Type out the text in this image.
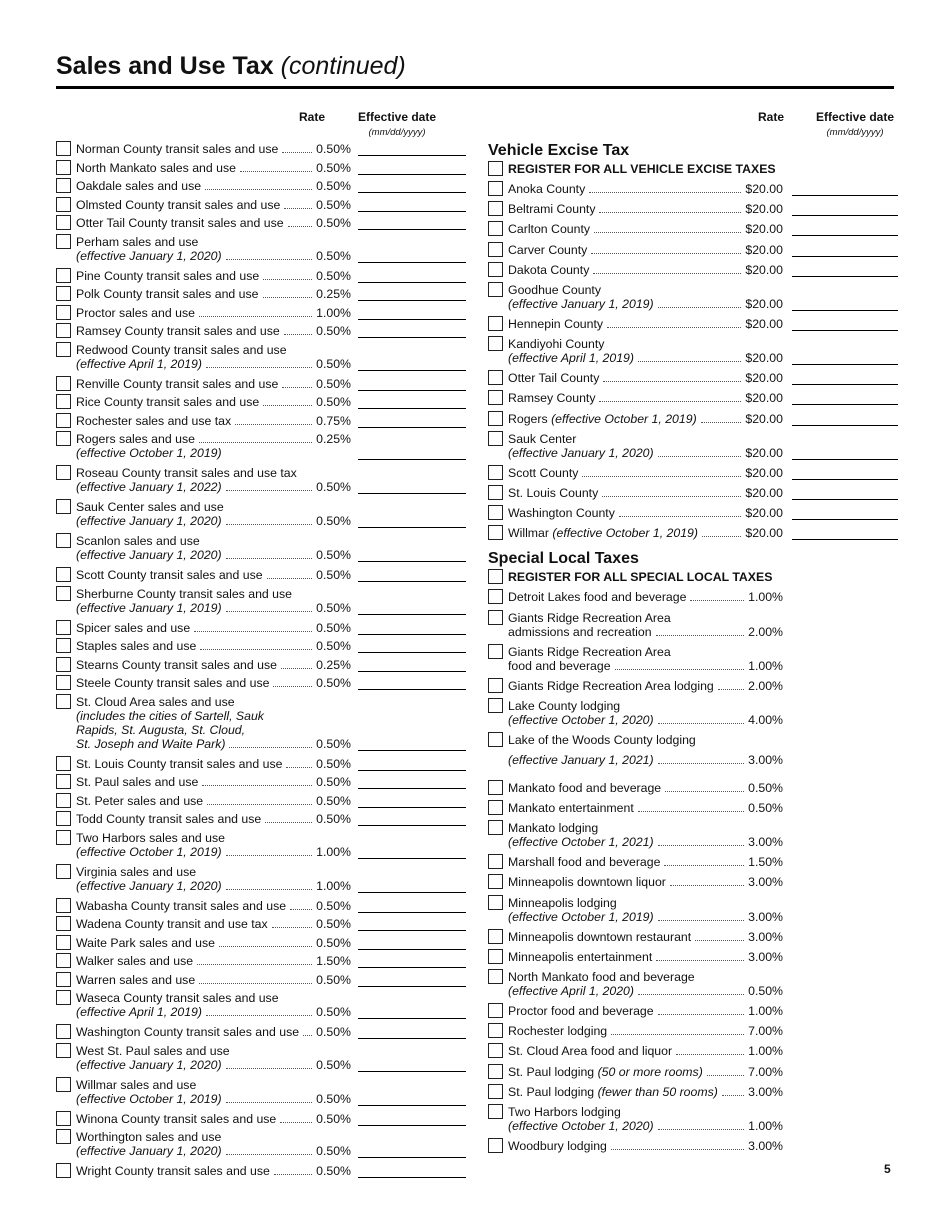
Sales and Use Tax (continued)
Rate	Effective date
(mm/dd/yyyy)
Norman County transit sales and use	0.50%
North Mankato sales and use	0.50%
Oakdale sales and use	0.50%
Olmsted County transit sales and use	0.50%
Otter Tail County transit sales and use	0.50%
Perham sales and use
(effective January 1, 2020)	0.50%
Pine County transit sales and use	0.50%
Polk County transit sales and use	0.25%
Proctor sales and use	1.00%
Ramsey County transit sales and use	0.50%
Redwood County transit sales and use
(effective April 1, 2019)	0.50%
Renville County transit sales and use	0.50%
Rice County transit sales and use	0.50%
Rochester sales and use tax	0.75%
Rogers sales and use
(effective October 1, 2019)
0.25%
Roseau County transit sales and use tax
(effective January 1, 2022)	0.50%
Sauk Center sales and use
(effective January 1, 2020)	0.50%
Scanlon sales and use
(effective January 1, 2020)	0.50%
Scott County transit sales and use	0.50%
Sherburne County transit sales and use
(effective January 1, 2019)	0.50%
Spicer sales and use	0.50%
Staples sales and use	0.50%
Stearns County transit sales and use	0.25%
Steele County transit sales and use	0.50%
St. Cloud Area sales and use
(includes the cities of Sartell, Sauk
Rapids, St. Augusta, St. Cloud,
St. Joseph and Waite Park)	0.50%
St. Louis County transit sales and use	0.50%
St. Paul sales and use	0.50%
St. Peter sales and use	0.50%
Todd County transit sales and use	0.50%
Two Harbors sales and use
(effective October 1, 2019)	1.00%
Virginia sales and use
(effective January 1, 2020)	1.00%
Wabasha County transit sales and use	0.50%
Wadena County transit and use tax	0.50%
Waite Park sales and use	0.50%
Walker sales and use	1.50%
Warren sales and use	0.50%
Waseca County transit sales and use
(effective April 1, 2019)	0.50%
Washington County transit sales and use	0.50%
West St. Paul sales and use
(effective January 1, 2020)	0.50%
Willmar sales and use
(effective October 1, 2019)	0.50%
Winona County transit sales and use	0.50%
Worthington sales and use
(effective January 1, 2020)	0.50%
Wright County transit sales and use	0.50%
Rate	Effective date
(mm/dd/yyyy)
Vehicle Excise Tax
REGISTER FOR ALL VEHICLE EXCISE TAXES
Anoka County	$20.00
Beltrami County	$20.00
Carlton County	$20.00
Carver County	$20.00
Dakota County	$20.00
Goodhue County
(effective January 1, 2019)	$20.00
Hennepin County	$20.00
Kandiyohi County
(effective April 1, 2019)	$20.00
Otter Tail County	$20.00
Ramsey County	$20.00
Rogers (effective October 1, 2019)	$20.00
Sauk Center
(effective January 1, 2020)	$20.00
Scott County	$20.00
St. Louis County	$20.00
Washington County	$20.00
Willmar (effective October 1, 2019)	$20.00
Special Local Taxes
REGISTER FOR ALL SPECIAL LOCAL TAXES
Detroit Lakes food and beverage	1.00%
Giants Ridge Recreation Area
admissions and recreation	2.00%
Giants Ridge Recreation Area
food and beverage	1.00%
Giants Ridge Recreation Area lodging	2.00%
Lake County lodging
(effective October 1, 2020)	4.00%
Lake of the Woods County lodging
(effective January 1, 2021)	3.00%
Mankato food and beverage	0.50%
Mankato entertainment	0.50%
Mankato lodging
(effective October 1, 2021)	3.00%
Marshall food and beverage	1.50%
Minneapolis downtown liquor	3.00%
Minneapolis lodging
(effective October 1, 2019)	3.00%
Minneapolis downtown restaurant	3.00%
Minneapolis entertainment	3.00%
North Mankato food and beverage
(effective April 1, 2020)	0.50%
Proctor food and beverage	1.00%
Rochester lodging	7.00%
St. Cloud Area food and liquor	1.00%
St. Paul lodging (50 or more rooms)	7.00%
St. Paul lodging (fewer than 50 rooms)	3.00%
Two Harbors lodging
(effective October 1, 2020)	1.00%
Woodbury lodging	3.00%
5
